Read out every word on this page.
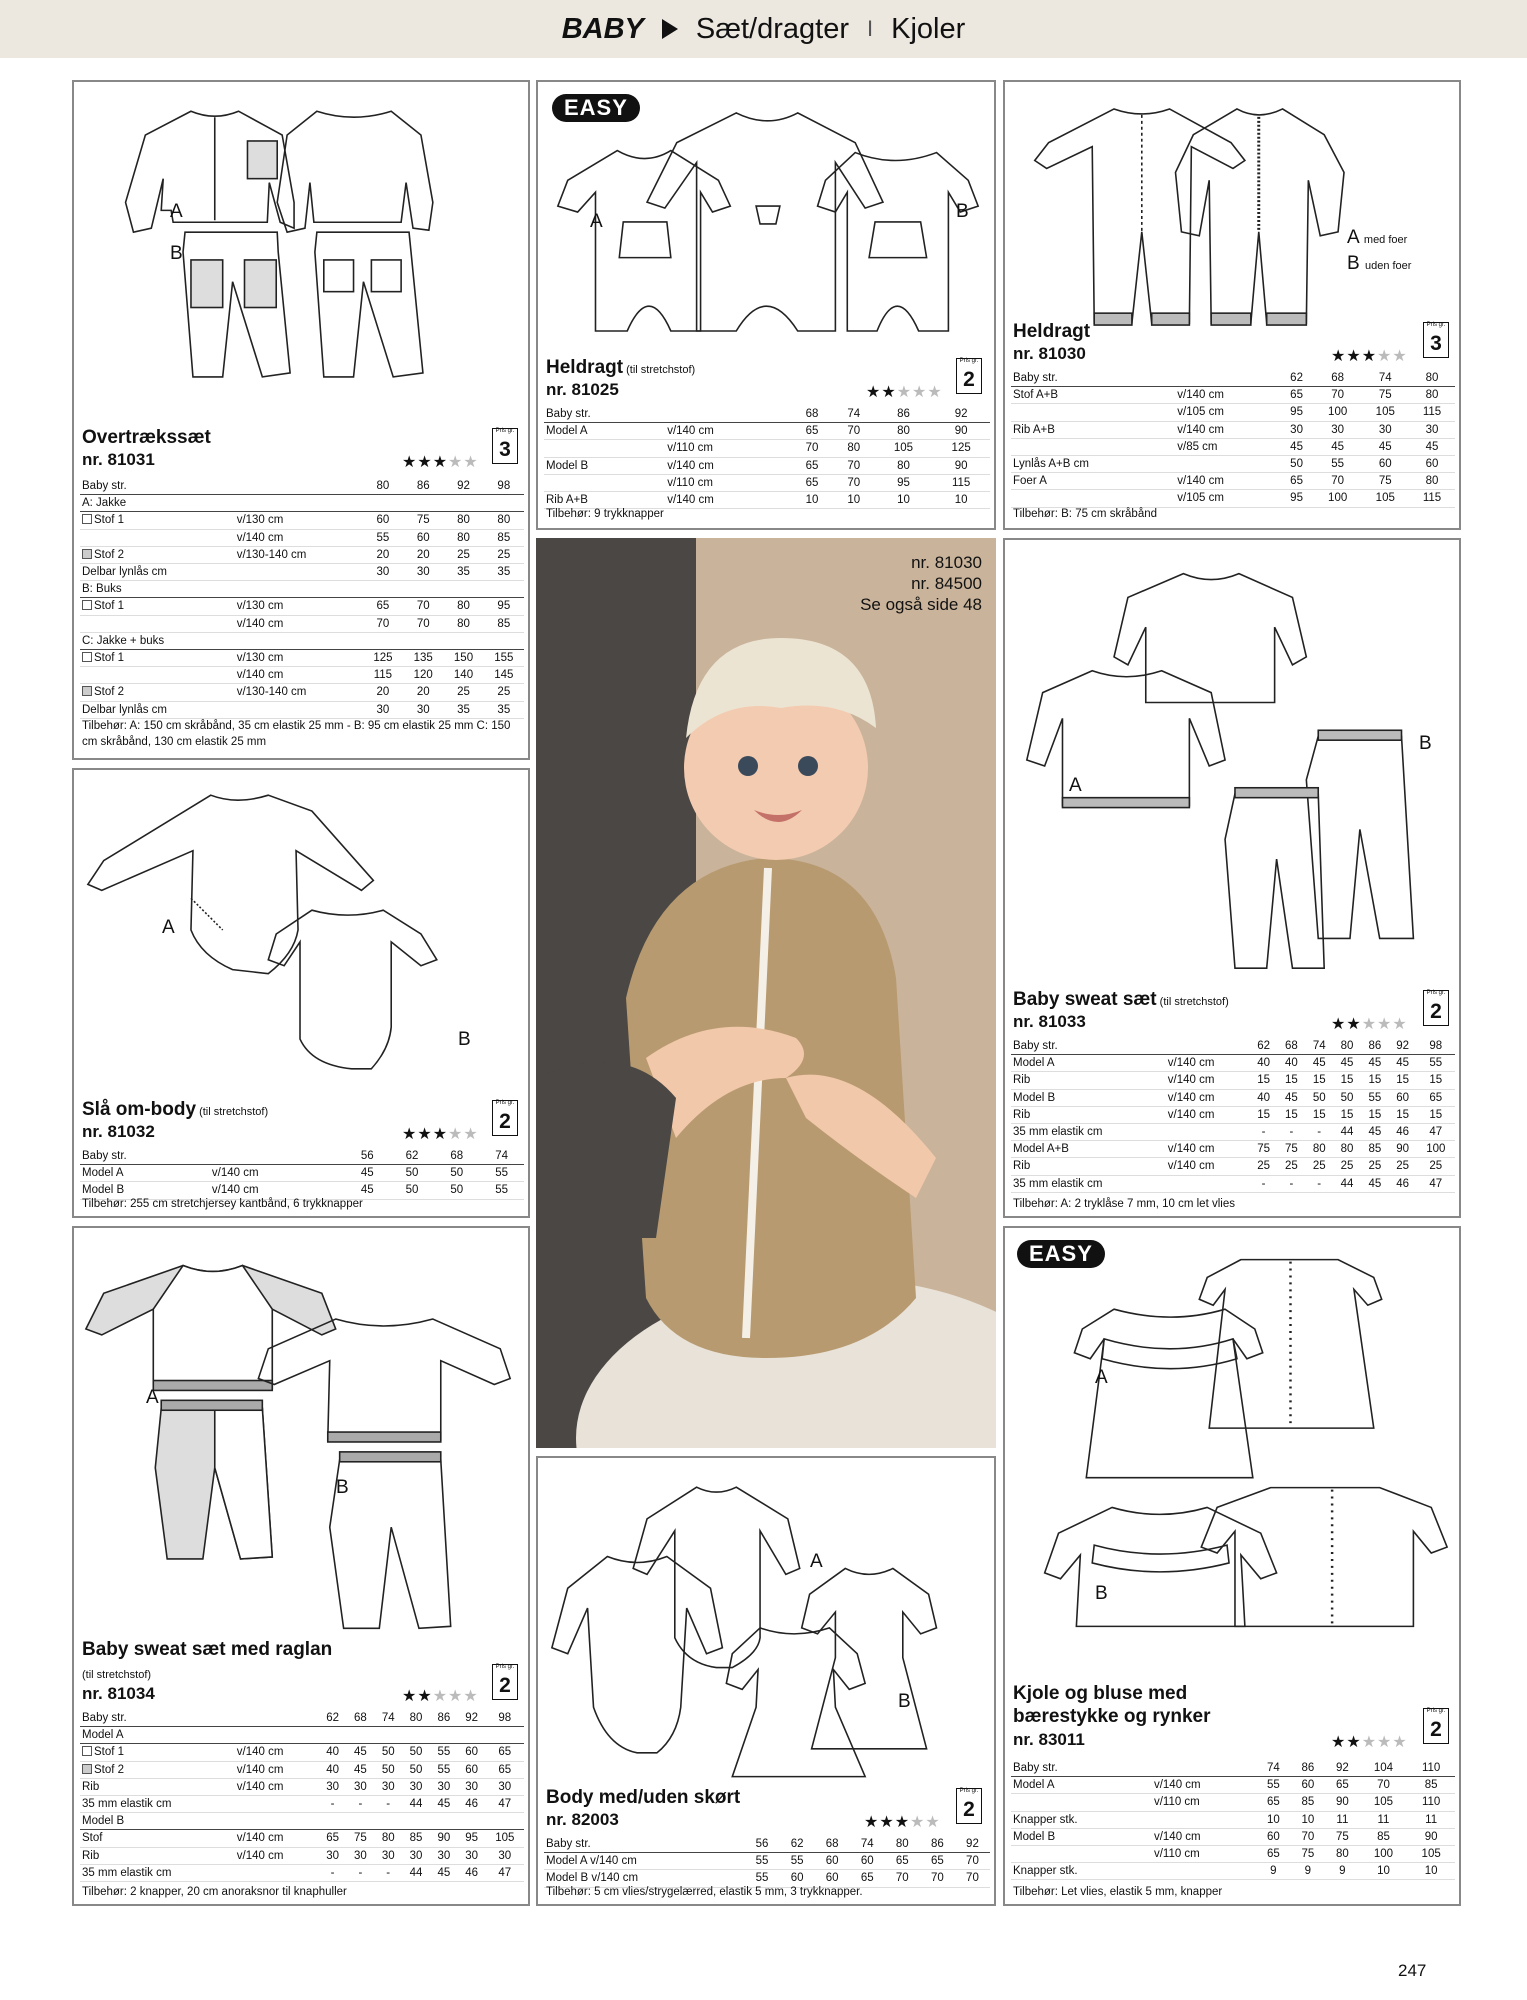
BABY Sæt/dragter I Kjoler
A
B
Overtrækssæt
nr. 81031	★★★★★
Pris gr.
3
Baby str.		80	86	92	98
A: Jakke					
Stof 1	v/130 cm	60	75	80	80
	v/140 cm	55	60	80	85
Stof 2	v/130-140 cm	20	20	25	25
Delbar lynlås cm		30	30	35	35
B: Buks					
Stof 1	v/130 cm	65	70	80	95
	v/140 cm	70	70	80	85
C: Jakke + buks					
Stof 1	v/130 cm	125	135	150	155
	v/140 cm	115	120	140	145
Stof 2	v/130-140 cm	20	20	25	25
Delbar lynlås cm		30	30	35	35
Tilbehør: A: 150 cm skråbånd, 35 cm elastik 25 mm - B: 95 cm elastik 25 mm C: 150 cm skråbånd, 130 cm elastik 25 mm
EASY
A	B
Heldragt (til stretchstof)
nr. 81025	★★★★★
Pris gr.
2
Baby str.		68	74	86	92
Model A	v/140 cm	65	70	80	90
	v/110 cm	70	80	105	125
Model B	v/140 cm	65	70	80	90
	v/110 cm	65	70	95	115
Rib A+B	v/140 cm	10	10	10	10
Tilbehør: 9 trykknapper
A med foer
B uden foer
Heldragt
nr. 81030	★★★★★
Pris gr.
3
Baby str.		62	68	74	80
Stof A+B	v/140 cm	65	70	75	80
	v/105 cm	95	100	105	115
Rib A+B	v/140 cm	30	30	30	30
	v/85 cm	45	45	45	45
Lynlås A+B cm		50	55	60	60
Foer A	v/140 cm	65	70	75	80
	v/105 cm	95	100	105	115
Tilbehør: B: 75 cm skråbånd
nr. 81030
nr. 84500
Se også side 48
A
B
Baby sweat sæt (til stretchstof)
nr. 81033	★★★★★
Pris gr.
2
Baby str.		62	68	74	80	86	92	98
Model A	v/140 cm	40	40	45	45	45	45	55
Rib	v/140 cm	15	15	15	15	15	15	15
Model B	v/140 cm	40	45	50	50	55	60	65
Rib	v/140 cm	15	15	15	15	15	15	15
35 mm elastik cm		-	-	-	44	45	46	47
Model A+B	v/140 cm	75	75	80	80	85	90	100
Rib	v/140 cm	25	25	25	25	25	25	25
35 mm elastik cm		-	-	-	44	45	46	47
Tilbehør: A: 2 tryklåse 7 mm, 10 cm let vlies
A
B
Slå om-body (til stretchstof)
nr. 81032	★★★★★
Pris gr.
2
Baby str.		56	62	68	74
Model A	v/140 cm	45	50	50	55
Model B	v/140 cm	45	50	50	55
Tilbehør: 255 cm stretchjersey kantbånd, 6 trykknapper
A
B
Baby sweat sæt med raglan
(til stretchstof)
nr. 81034	★★★★★
Pris gr.
2
Baby str.		62	68	74	80	86	92	98
Model A								
Stof 1	v/140 cm	40	45	50	50	55	60	65
Stof 2	v/140 cm	40	45	50	50	55	60	65
Rib	v/140 cm	30	30	30	30	30	30	30
35 mm elastik cm		-	-	-	44	45	46	47
Model B								
Stof	v/140 cm	65	75	80	85	90	95	105
Rib	v/140 cm	30	30	30	30	30	30	30
35 mm elastik cm		-	-	-	44	45	46	47
Tilbehør: 2 knapper, 20 cm anoraksnor til knaphuller
A
B
Body med/uden skørt
nr. 82003	★★★★★
Pris gr.
2
Baby str.	56	62	68	74	80	86	92
Model A v/140 cm	55	55	60	60	65	65	70
Model B v/140 cm	55	60	60	65	70	70	70
Tilbehør: 5 cm vlies/strygelærred, elastik 5 mm, 3 trykknapper.
EASY
A
B
Kjole og bluse med
bærestykke og rynker
nr. 83011	★★★★★
Pris gr.
2
Baby str.		74	86	92	104	110
Model A	v/140 cm	55	60	65	70	85
	v/110 cm	65	85	90	105	110
Knapper stk.		10	10	11	11	11
Model B	v/140 cm	60	70	75	85	90
	v/110 cm	65	75	80	100	105
Knapper stk.		9	9	9	10	10
Tilbehør: Let vlies, elastik 5 mm, knapper
247
